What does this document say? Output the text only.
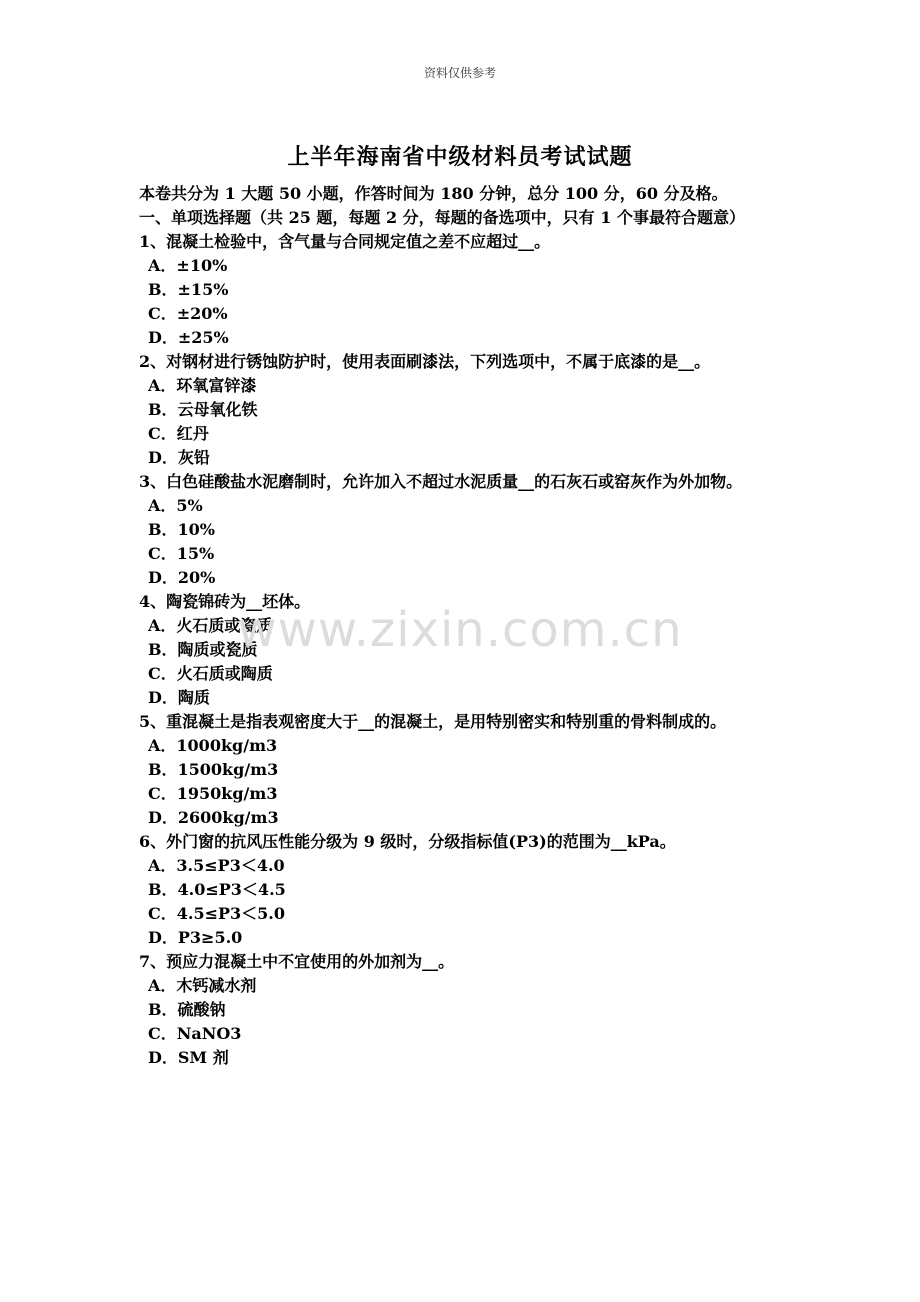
资料仅供参考
上半年海南省中级材料员考试试题

本卷共分为 1 大题 50 小题，作答时间为 180 分钟，总分 100 分，60 分及格。

一、单项选择题（共 25 题，每题 2 分，每题的备选项中，只有 1 个事最符合题意）

1、混凝土检验中，含气量与合同规定值之差不应超过__。

A．±10%
B．±15%
C．±20%
D．±25%

2、对钢材进行锈蚀防护时，使用表面刷漆法，下列选项中，不属于底漆的是__。

A．环氧富锌漆
B．云母氧化铁
C．红丹
D．灰铅

3、白色硅酸盐水泥磨制时，允许加入不超过水泥质量__的石灰石或窑灰作为外加物。

A．5%
B．10%
C．15%
D．20%

4、陶瓷锦砖为__坯体。

A．火石质或瓷质
B．陶质或瓷质
C．火石质或陶质
D．陶质

5、重混凝土是指表观密度大于__的混凝土，是用特别密实和特别重的骨料制成的。

A．1000kg/m3
B．1500kg/m3
C．1950kg/m3
D．2600kg/m3

6、外门窗的抗风压性能分级为 9 级时，分级指标值(P3)的范围为__kPa。

A．3.5≤P3＜4.0
B．4.0≤P3＜4.5
C．4.5≤P3＜5.0
D．P3≥5.0

7、预应力混凝土中不宜使用的外加剂为__。

A．木钙减水剂
B．硫酸钠
C．NaNO3
D．SM 剂
www.zixin.com.cn
